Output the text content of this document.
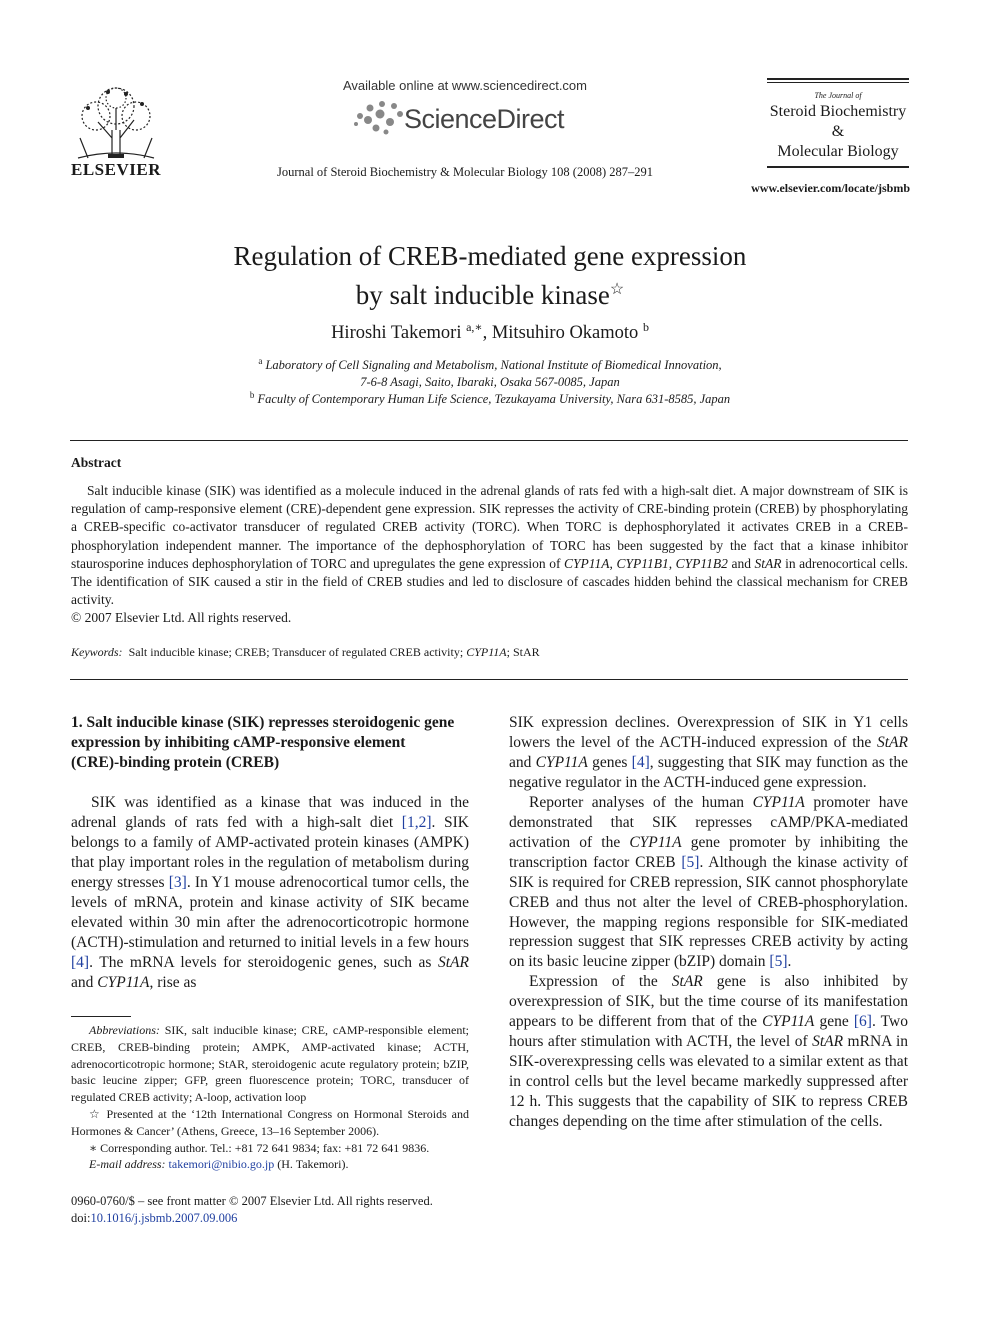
ELSEVIER
Available online at www.sciencedirect.com
ScienceDirect
Journal of Steroid Biochemistry & Molecular Biology 108 (2008) 287–291
The Journal of
Steroid Biochemistry
&
Molecular Biology
www.elsevier.com/locate/jsbmb
Regulation of CREB-mediated gene expression
by salt inducible kinase☆
Hiroshi Takemori $^{a,∗}$, Mitsuhiro Okamoto $^b$
$^a$ Laboratory of Cell Signaling and Metabolism, National Institute of Biomedical Innovation,
7-6-8 Asagi, Saito, Ibaraki, Osaka 567-0085, Japan
$^b$ Faculty of Contemporary Human Life Science, Tezukayama University, Nara 631-8585, Japan
Abstract
Salt inducible kinase (SIK) was identified as a molecule induced in the adrenal glands of rats fed with a high-salt diet. A major downstream of SIK is regulation of camp-responsive element (CRE)-dependent gene expression. SIK represses the activity of CRE-binding protein (CREB) by phosphorylating a CREB-specific co-activator transducer of regulated CREB activity (TORC). When TORC is dephosphorylated it activates CREB in a CREB-phosphorylation independent manner. The importance of the dephosphorylation of TORC has been suggested by the fact that a kinase inhibitor staurosporine induces dephosphorylation of TORC and upregulates the gene expression of CYP11A, CYP11B1, CYP11B2 and StAR in adrenocortical cells. The identification of SIK caused a stir in the field of CREB studies and led to disclosure of cascades hidden behind the classical mechanism for CREB activity.
© 2007 Elsevier Ltd. All rights reserved.
Keywords: Salt inducible kinase; CREB; Transducer of regulated CREB activity; CYP11A; StAR
1. Salt inducible kinase (SIK) represses steroidogenic gene expression by inhibiting cAMP-responsive element (CRE)-binding protein (CREB)

SIK was identified as a kinase that was induced in the adrenal glands of rats fed with a high-salt diet [1,2]. SIK belongs to a family of AMP-activated protein kinases (AMPK) that play important roles in the regulation of metabolism during energy stresses [3]. In Y1 mouse adrenocortical tumor cells, the levels of mRNA, protein and kinase activity of SIK became elevated within 30 min after the adrenocorticotropic hormone (ACTH)-stimulation and returned to initial levels in a few hours [4]. The mRNA levels for steroidogenic genes, such as StAR and CYP11A, rise as

SIK expression declines. Overexpression of SIK in Y1 cells lowers the level of the ACTH-induced expression of the StAR and CYP11A genes [4], suggesting that SIK may function as the negative regulator in the ACTH-induced gene expression.

Reporter analyses of the human CYP11A promoter have demonstrated that SIK represses cAMP/PKA-mediated activation of the CYP11A gene promoter by inhibiting the transcription factor CREB [5]. Although the kinase activity of SIK is required for CREB repression, SIK cannot phosphorylate CREB and thus not alter the level of CREB-phosphorylation. However, the mapping regions responsible for SIK-mediated repression suggest that SIK represses CREB activity by acting on its basic leucine zipper (bZIP) domain [5].

Expression of the StAR gene is also inhibited by overexpression of SIK, but the time course of its manifestation appears to be different from that of the CYP11A gene [6]. Two hours after stimulation with ACTH, the level of StAR mRNA in SIK-overexpressing cells was elevated to a similar extent as that in control cells but the level became markedly suppressed after 12 h. This suggests that the capability of SIK to repress CREB changes depending on the time after stimulation of the cells.

Abbreviations: SIK, salt inducible kinase; CRE, cAMP-responsible element; CREB, CREB-binding protein; AMPK, AMP-activated kinase; ACTH, adrenocorticotropic hormone; StAR, steroidogenic acute regulatory protein; bZIP, basic leucine zipper; GFP, green fluorescence protein; TORC, transducer of regulated CREB activity; A-loop, activation loop

☆ Presented at the ‘12th International Congress on Hormonal Steroids and Hormones & Cancer’ (Athens, Greece, 13–16 September 2006).

∗ Corresponding author. Tel.: +81 72 641 9834; fax: +81 72 641 9836.

E-mail address: takemori@nibio.go.jp (H. Takemori).

0960-0760/$ – see front matter © 2007 Elsevier Ltd. All rights reserved.
doi:10.1016/j.jsbmb.2007.09.006
